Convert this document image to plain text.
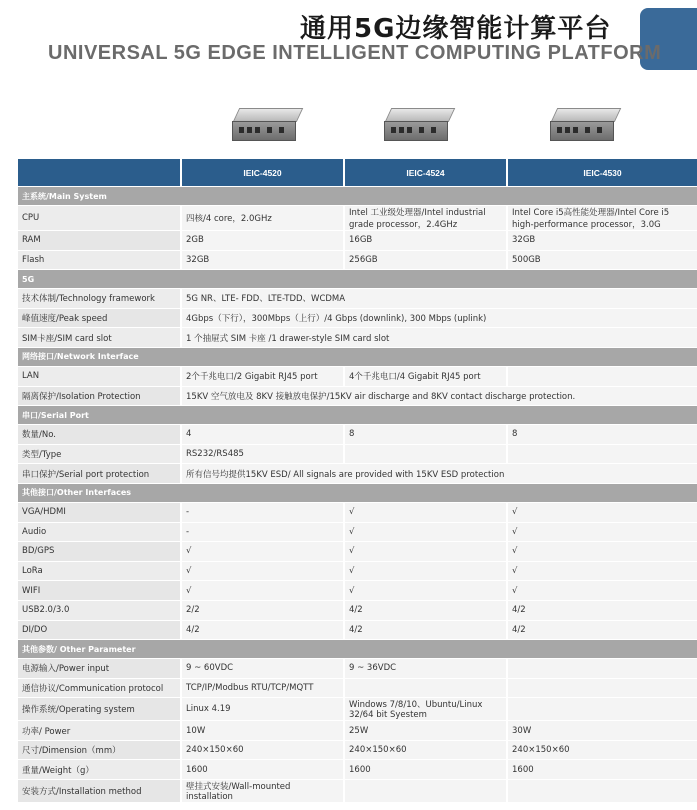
通用5G边缘智能计算平台
UNIVERSAL 5G EDGE INTELLIGENT COMPUTING PLATFORM
	IEIC-4520	IEIC-4524	IEIC-4530
主系统/Main System			
CPU	四核/4 core，2.0GHz	Intel 工业级处理器/Intel industrial grade processor，2.4GHz	Intel Core i5高性能处理器/Intel Core i5 high-performance processor，3.0G
RAM	2GB	16GB	32GB
Flash	32GB	256GB	500GB
5G			
技术体制/Technology framework	5G NR、LTE- FDD、LTE-TDD、WCDMA		
峰值速度/Peak speed	4Gbps（下行），300Mbps（上行）/4 Gbps (downlink), 300 Mbps (uplink)		
SIM卡座/SIM card slot	1 个抽屉式 SIM 卡座 /1 drawer-style SIM card slot		
网络接口/Network Interface			
LAN	2个千兆电口/2 Gigabit RJ45 port	4个千兆电口/4 Gigabit RJ45 port	
隔离保护/Isolation Protection	15KV 空气放电及 8KV 接触放电保护/15KV air discharge and 8KV contact discharge protection.		
串口/Serial Port			
数量/No.	4	8	8
类型/Type	RS232/RS485		
串口保护/Serial port protection	所有信号均提供15KV ESD/ All signals are provided with 15KV ESD protection		
其他接口/Other Interfaces			
VGA/HDMI	-	√	√
Audio	-	√	√
BD/GPS	√	√	√
LoRa	√	√	√
WIFI	√	√	√
USB2.0/3.0	2/2	4/2	4/2
DI/DO	4/2	4/2	4/2
其他参数/ Other Parameter			
电源输入/Power input	9 ~ 60VDC	9 ~ 36VDC	
通信协议/Communication protocol	TCP/IP/Modbus RTU/TCP/MQTT		
操作系统/Operating system	Linux 4.19	Windows 7/8/10、Ubuntu/Linux 32/64 bit Syestem	
功率/ Power	10W	25W	30W
尺寸/Dimension（mm）	240×150×60	240×150×60	240×150×60
重量/Weight（g）	1600	1600	1600
安装方式/Installation method	壁挂式安装/Wall-mounted installation		
